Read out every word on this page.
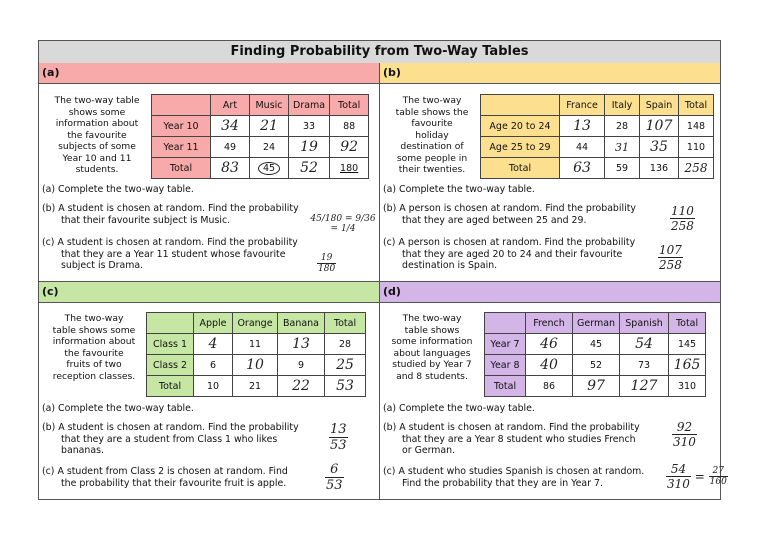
Finding Probability from Two-Way Tables
(a)
The two-way table
shows some
information about
the favourite
subjects of some
Year 10 and 11
students.
	Art	Music	Drama	Total
Year 10	34	21	33	88
Year 11	49	24	19	92
Total	83	45	52	180
(a) Complete the two-way table.
(b) A student is chosen at random. Find the probability
that their favourite subject is Music.
(c) A student is chosen at random. Find the probability
that they are a Year 11 student whose favourite
subject is Drama.
45/180 = 9/36 = 1/4
$\frac{19}{180}$
(b)
The two-way
table shows the
favourite
holiday
destination of
some people in
their twenties.
	France	Italy	Spain	Total
Age 20 to 24	13	28	107	148
Age 25 to 29	44	31	35	110
Total	63	59	136	258
(a) Complete the two-way table.
(b) A person is chosen at random. Find the probability
that they are aged between 25 and 29.
(c) A person is chosen at random. Find the probability
that they are aged 20 to 24 and their favourite
destination is Spain.
$\frac{110}{258}$
$\frac{107}{258}$
(c)
The two-way
table shows some
information about
the favourite
fruits of two
reception classes.
	Apple	Orange	Banana	Total
Class 1	4	11	13	28
Class 2	6	10	9	25
Total	10	21	22	53
(a) Complete the two-way table.
(b) A student is chosen at random. Find the probability
that they are a student from Class 1 who likes
bananas.
(c) A student from Class 2 is chosen at random. Find
the probability that their favourite fruit is apple.
$\frac{13}{53}$
$\frac{6}{53}$
(d)
The two-way
table shows
some information
about languages
studied by Year 7
and 8 students.
	French	German	Spanish	Total
Year 7	46	45	54	145
Year 8	40	52	73	165
Total	86	97	127	310
(a) Complete the two-way table.
(b) A student is chosen at random. Find the probability
that they are a Year 8 student who studies French
or German.
(c) A student who studies Spanish is chosen at random.
Find the probability that they are in Year 7.
$\frac{92}{310}$
$\frac{54}{310} = \frac{27}{160}$
